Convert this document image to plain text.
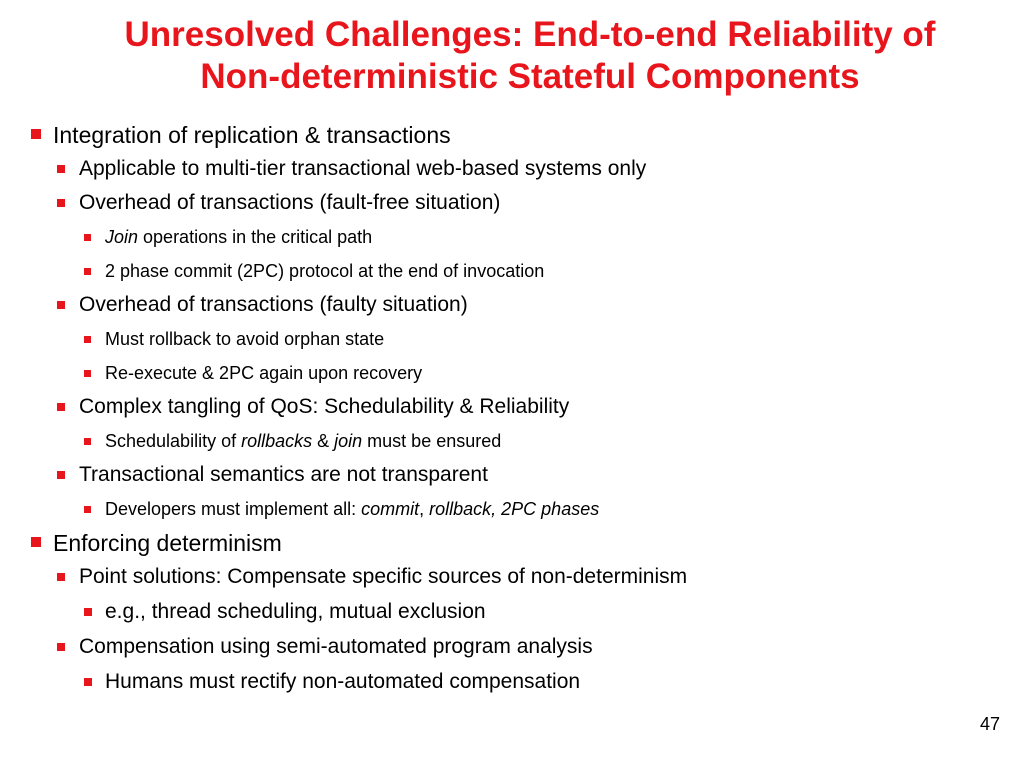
Unresolved Challenges: End-to-end Reliability of
Non-deterministic Stateful Components
Integration of replication & transactions
Applicable to multi-tier transactional web-based systems only
Overhead of transactions (fault-free situation)
Join operations in the critical path
2 phase commit (2PC) protocol at the end of invocation
Overhead of transactions (faulty situation)
Must rollback to avoid orphan state
Re-execute & 2PC again upon recovery
Complex tangling of QoS: Schedulability & Reliability
Schedulability of rollbacks & join must be ensured
Transactional semantics are not transparent
Developers must implement all: commit, rollback, 2PC phases
Enforcing determinism
Point solutions: Compensate specific sources of non-determinism
e.g., thread scheduling, mutual exclusion
Compensation using semi-automated program analysis
Humans must rectify non-automated compensation
47
